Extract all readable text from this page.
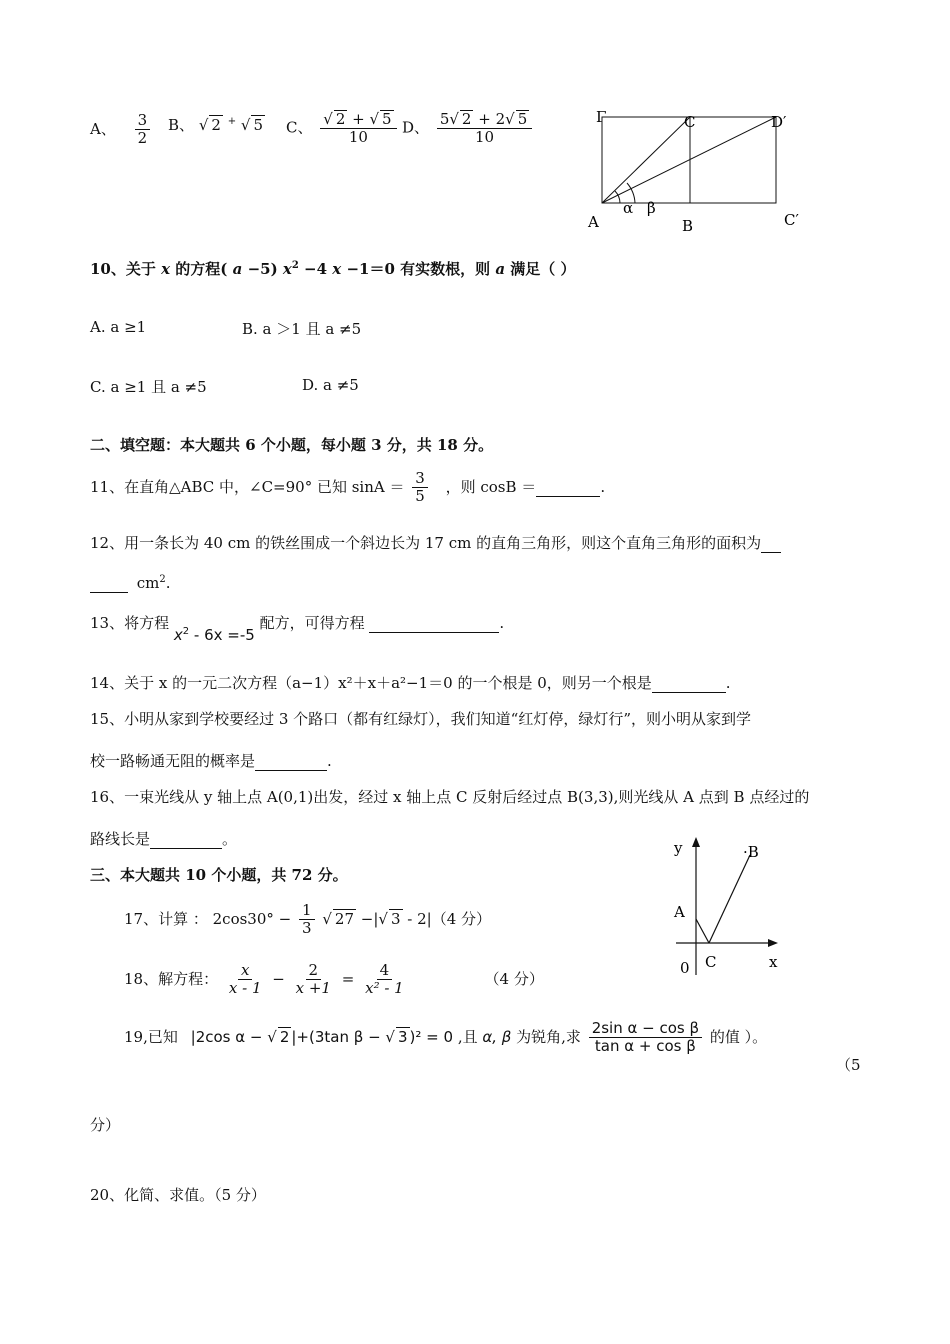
A、 $\frac{3}{2}$ B、 √ 2 + √ 5 C、 √ $\frac{2 + √ 5}{10}$ D、 $\frac{5 √ 2 + 2 √ 5}{10}$	Γ	C	D′
A
α β
B	C′
10、关于 x 的方程( a −5) $x^2 -4$ x −1＝0 有实数根，则 a 满足（ ）
A. a ≥1	B. a ＞1 且 a ≠5
C. a ≥1 且 a ≠5	D. a ≠5
二、填空题：本大题共 6 个小题，每小题 3 分，共 18 分。
11、在直角△ABC 中，∠C=90° 已知 $\sin A = \frac{3}{5}$ ，则 cosB ＝	.
12、用一条长为 40 cm 的铁丝围成一个斜边长为 17 cm 的直角三角形，则这个直角三角形的面积为
$cm^2$.
13、将方程 $x^2 - 6x =-5$ 配方，可得方程	.
14、关于 x 的一元二次方程（a−1）x²＋x＋a²−1＝0 的一个根是 0，则另一个根是	.
15、小明从家到学校要经过 3 个路口（都有红绿灯），我们知道“红灯停，绿灯行”，则小明从家到学
校一路畅通无阻的概率是	.
16、一束光线从 y 轴上点 A(0,1)出发，经过 x 轴上点 C 反射后经过点 B(3,3),则光线从 A 点到 B 点经过的
路线长是	。	y	·B
A
0 C	x
三、本大题共 10 个小题，共 72 分。
17、计算 ： $2\cos 30^\circ - \frac{1}{3}$ √ 27 −| √ 3 - 2|（4 分）
18、解方程： $\frac{x}{x - 1} - \frac{2}{x +1} = \frac{4}{\text{x² - 1}}$	（4 分）
19,已知 |2cos α − √ 2 |+(3tan β − √ 3 )² = 0 ,且 α, β 为锐角,求 $\frac{\text{2sin α − cos β}}{\text{tan α + cos β}}$ 的值 ）。
（5
分）
20、化简、求值。（5 分）
